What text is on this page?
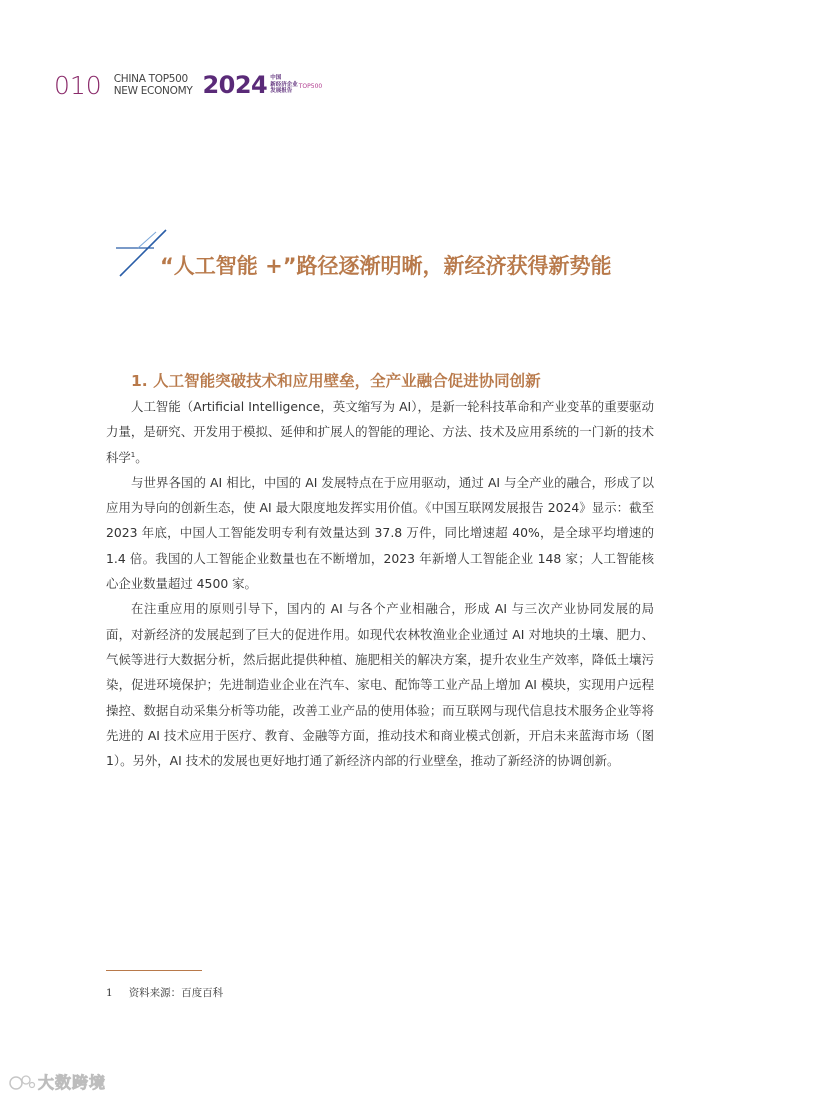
010 CHINA TOP500
NEW ECONOMY 2024 中国
新经济企业
发展报告
TOP500
“人工智能 +”路径逐渐明晰，新经济获得新势能
1. 人工智能突破技术和应用壁垒，全产业融合促进协同创新

人工智能（Artificial Intelligence，英文缩写为 AI），是新一轮科技革命和产业变革的重要驱动力量，是研究、开发用于模拟、延伸和扩展人的智能的理论、方法、技术及应用系统的一门新的技术科学$^1$。

与世界各国的 AI 相比，中国的 AI 发展特点在于应用驱动，通过 AI 与全产业的融合，形成了以应用为导向的创新生态，使 AI 最大限度地发挥实用价值。《中国互联网发展报告 2024》显示：截至 2023 年底，中国人工智能发明专利有效量达到 37.8 万件，同比增速超 40%，是全球平均增速的 1.4 倍。我国的人工智能企业数量也在不断增加，2023 年新增人工智能企业 148 家；人工智能核心企业数量超过 4500 家。

在注重应用的原则引导下，国内的 AI 与各个产业相融合，形成 AI 与三次产业协同发展的局面，对新经济的发展起到了巨大的促进作用。如现代农林牧渔业企业通过 AI 对地块的土壤、肥力、气候等进行大数据分析，然后据此提供种植、施肥相关的解决方案，提升农业生产效率，降低土壤污染，促进环境保护；先进制造业企业在汽车、家电、配饰等工业产品上增加 AI 模块，实现用户远程操控、数据自动采集分析等功能，改善工业产品的使用体验；而互联网与现代信息技术服务企业等将先进的 AI 技术应用于医疗、教育、金融等方面，推动技术和商业模式创新，开启未来蓝海市场（图 1）。另外，AI 技术的发展也更好地打通了新经济内部的行业壁垒，推动了新经济的协调创新。

1 资料来源：百度百科
大数跨境
